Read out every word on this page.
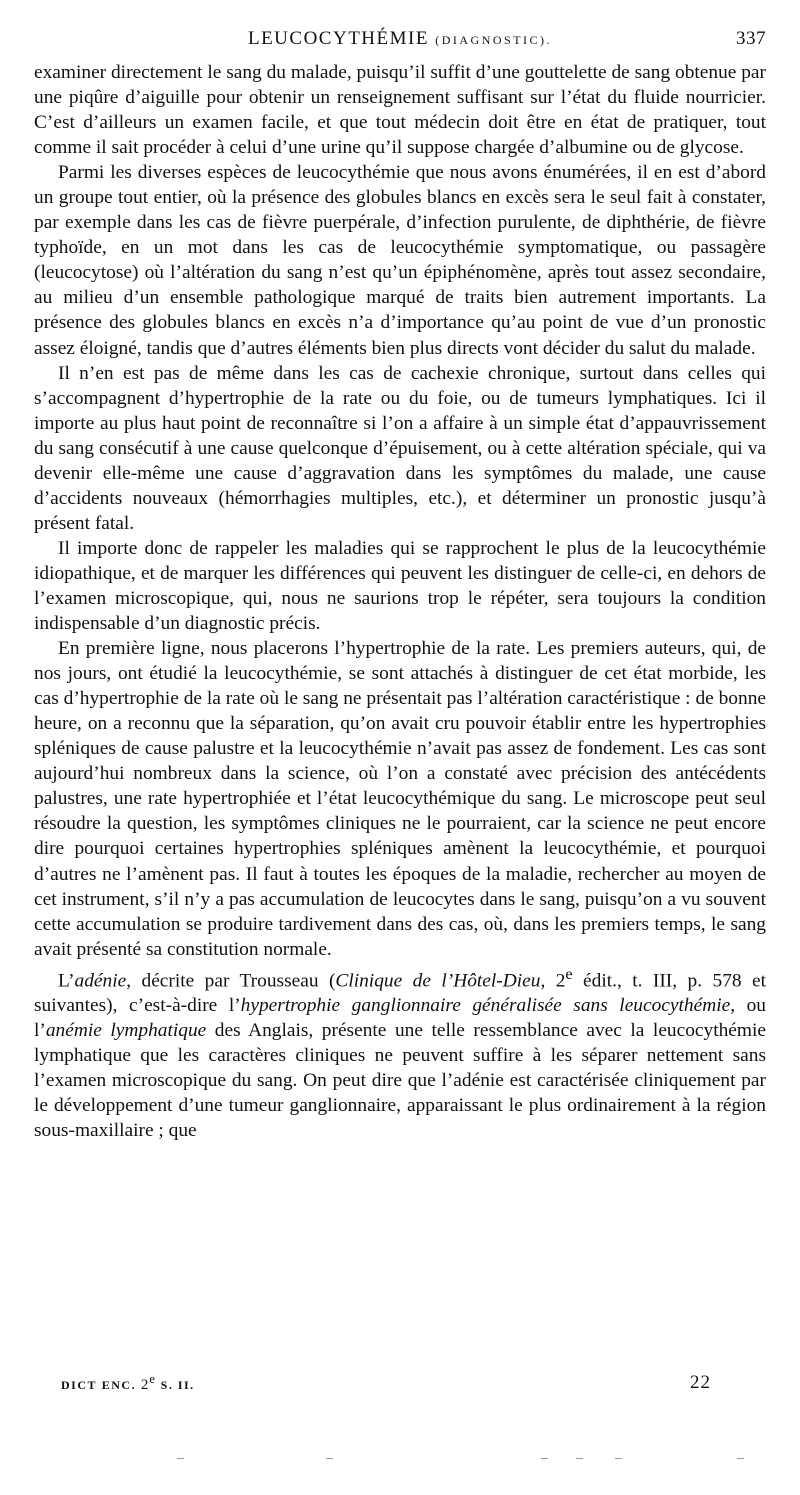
LEUCOCYTHÉMIE (DIAGNOSTIC).	337

examiner directement le sang du malade, puisqu’il suffit d’une gouttelette de sang obtenue par une piqûre d’aiguille pour obtenir un renseignement suffisant sur l’état du fluide nourricier. C’est d’ailleurs un examen facile, et que tout médecin doit être en état de pratiquer, tout comme il sait procéder à celui d’une urine qu’il suppose chargée d’albumine ou de glycose.

Parmi les diverses espèces de leucocythémie que nous avons énumérées, il en est d’abord un groupe tout entier, où la présence des globules blancs en excès sera le seul fait à constater, par exemple dans les cas de fièvre puerpérale, d’infection purulente, de diphthérie, de fièvre typhoïde, en un mot dans les cas de leucocythémie symptomatique, ou passagère (leucocytose) où l’altération du sang n’est qu’un épiphénomène, après tout assez secondaire, au milieu d’un ensemble pathologique marqué de traits bien autrement importants. La présence des globules blancs en excès n’a d’importance qu’au point de vue d’un pronostic assez éloigné, tandis que d’autres éléments bien plus directs vont décider du salut du malade.

Il n’en est pas de même dans les cas de cachexie chronique, surtout dans celles qui s’accompagnent d’hypertrophie de la rate ou du foie, ou de tumeurs lymphatiques. Ici il importe au plus haut point de reconnaître si l’on a affaire à un simple état d’appauvrissement du sang consécutif à une cause quelconque d’épuisement, ou à cette altération spéciale, qui va devenir elle-même une cause d’aggravation dans les symptômes du malade, une cause d’accidents nouveaux (hémorrhagies multiples, etc.), et déterminer un pronostic jusqu’à présent fatal.

Il importe donc de rappeler les maladies qui se rapprochent le plus de la leucocythémie idiopathique, et de marquer les différences qui peuvent les distinguer de celle-ci, en dehors de l’examen microscopique, qui, nous ne saurions trop le répéter, sera toujours la condition indispensable d’un diagnostic précis.

En première ligne, nous placerons l’hypertrophie de la rate. Les premiers auteurs, qui, de nos jours, ont étudié la leucocythémie, se sont attachés à distinguer de cet état morbide, les cas d’hypertrophie de la rate où le sang ne présentait pas l’altération caractéristique : de bonne heure, on a reconnu que la séparation, qu’on avait cru pouvoir établir entre les hypertrophies spléniques de cause palustre et la leucocythémie n’avait pas assez de fondement. Les cas sont aujourd’hui nombreux dans la science, où l’on a constaté avec précision des antécédents palustres, une rate hypertrophiée et l’état leucocythémique du sang. Le microscope peut seul résoudre la question, les symptômes cliniques ne le pourraient, car la science ne peut encore dire pourquoi certaines hypertrophies spléniques amènent la leucocythémie, et pourquoi d’autres ne l’amènent pas. Il faut à toutes les époques de la maladie, rechercher au moyen de cet instrument, s’il n’y a pas accumulation de leucocytes dans le sang, puisqu’on a vu souvent cette accumulation se produire tardivement dans des cas, où, dans les premiers temps, le sang avait présenté sa constitution normale.

L’adénie, décrite par Trousseau (Clinique de l’Hôtel-Dieu, 2e édit., t. III, p. 578 et suivantes), c’est-à-dire l’hypertrophie ganglionnaire généralisée sans leucocythémie, ou l’anémie lymphatique des Anglais, présente une telle ressemblance avec la leucocythémie lymphatique que les caractères cliniques ne peuvent suffire à les séparer nettement sans l’examen microscopique du sang. On peut dire que l’adénie est caractérisée cliniquement par le développement d’une tumeur ganglionnaire, apparaissant le plus ordinairement à la région sous-maxillaire ; que

DICT ENC. 2e S. II.	22
